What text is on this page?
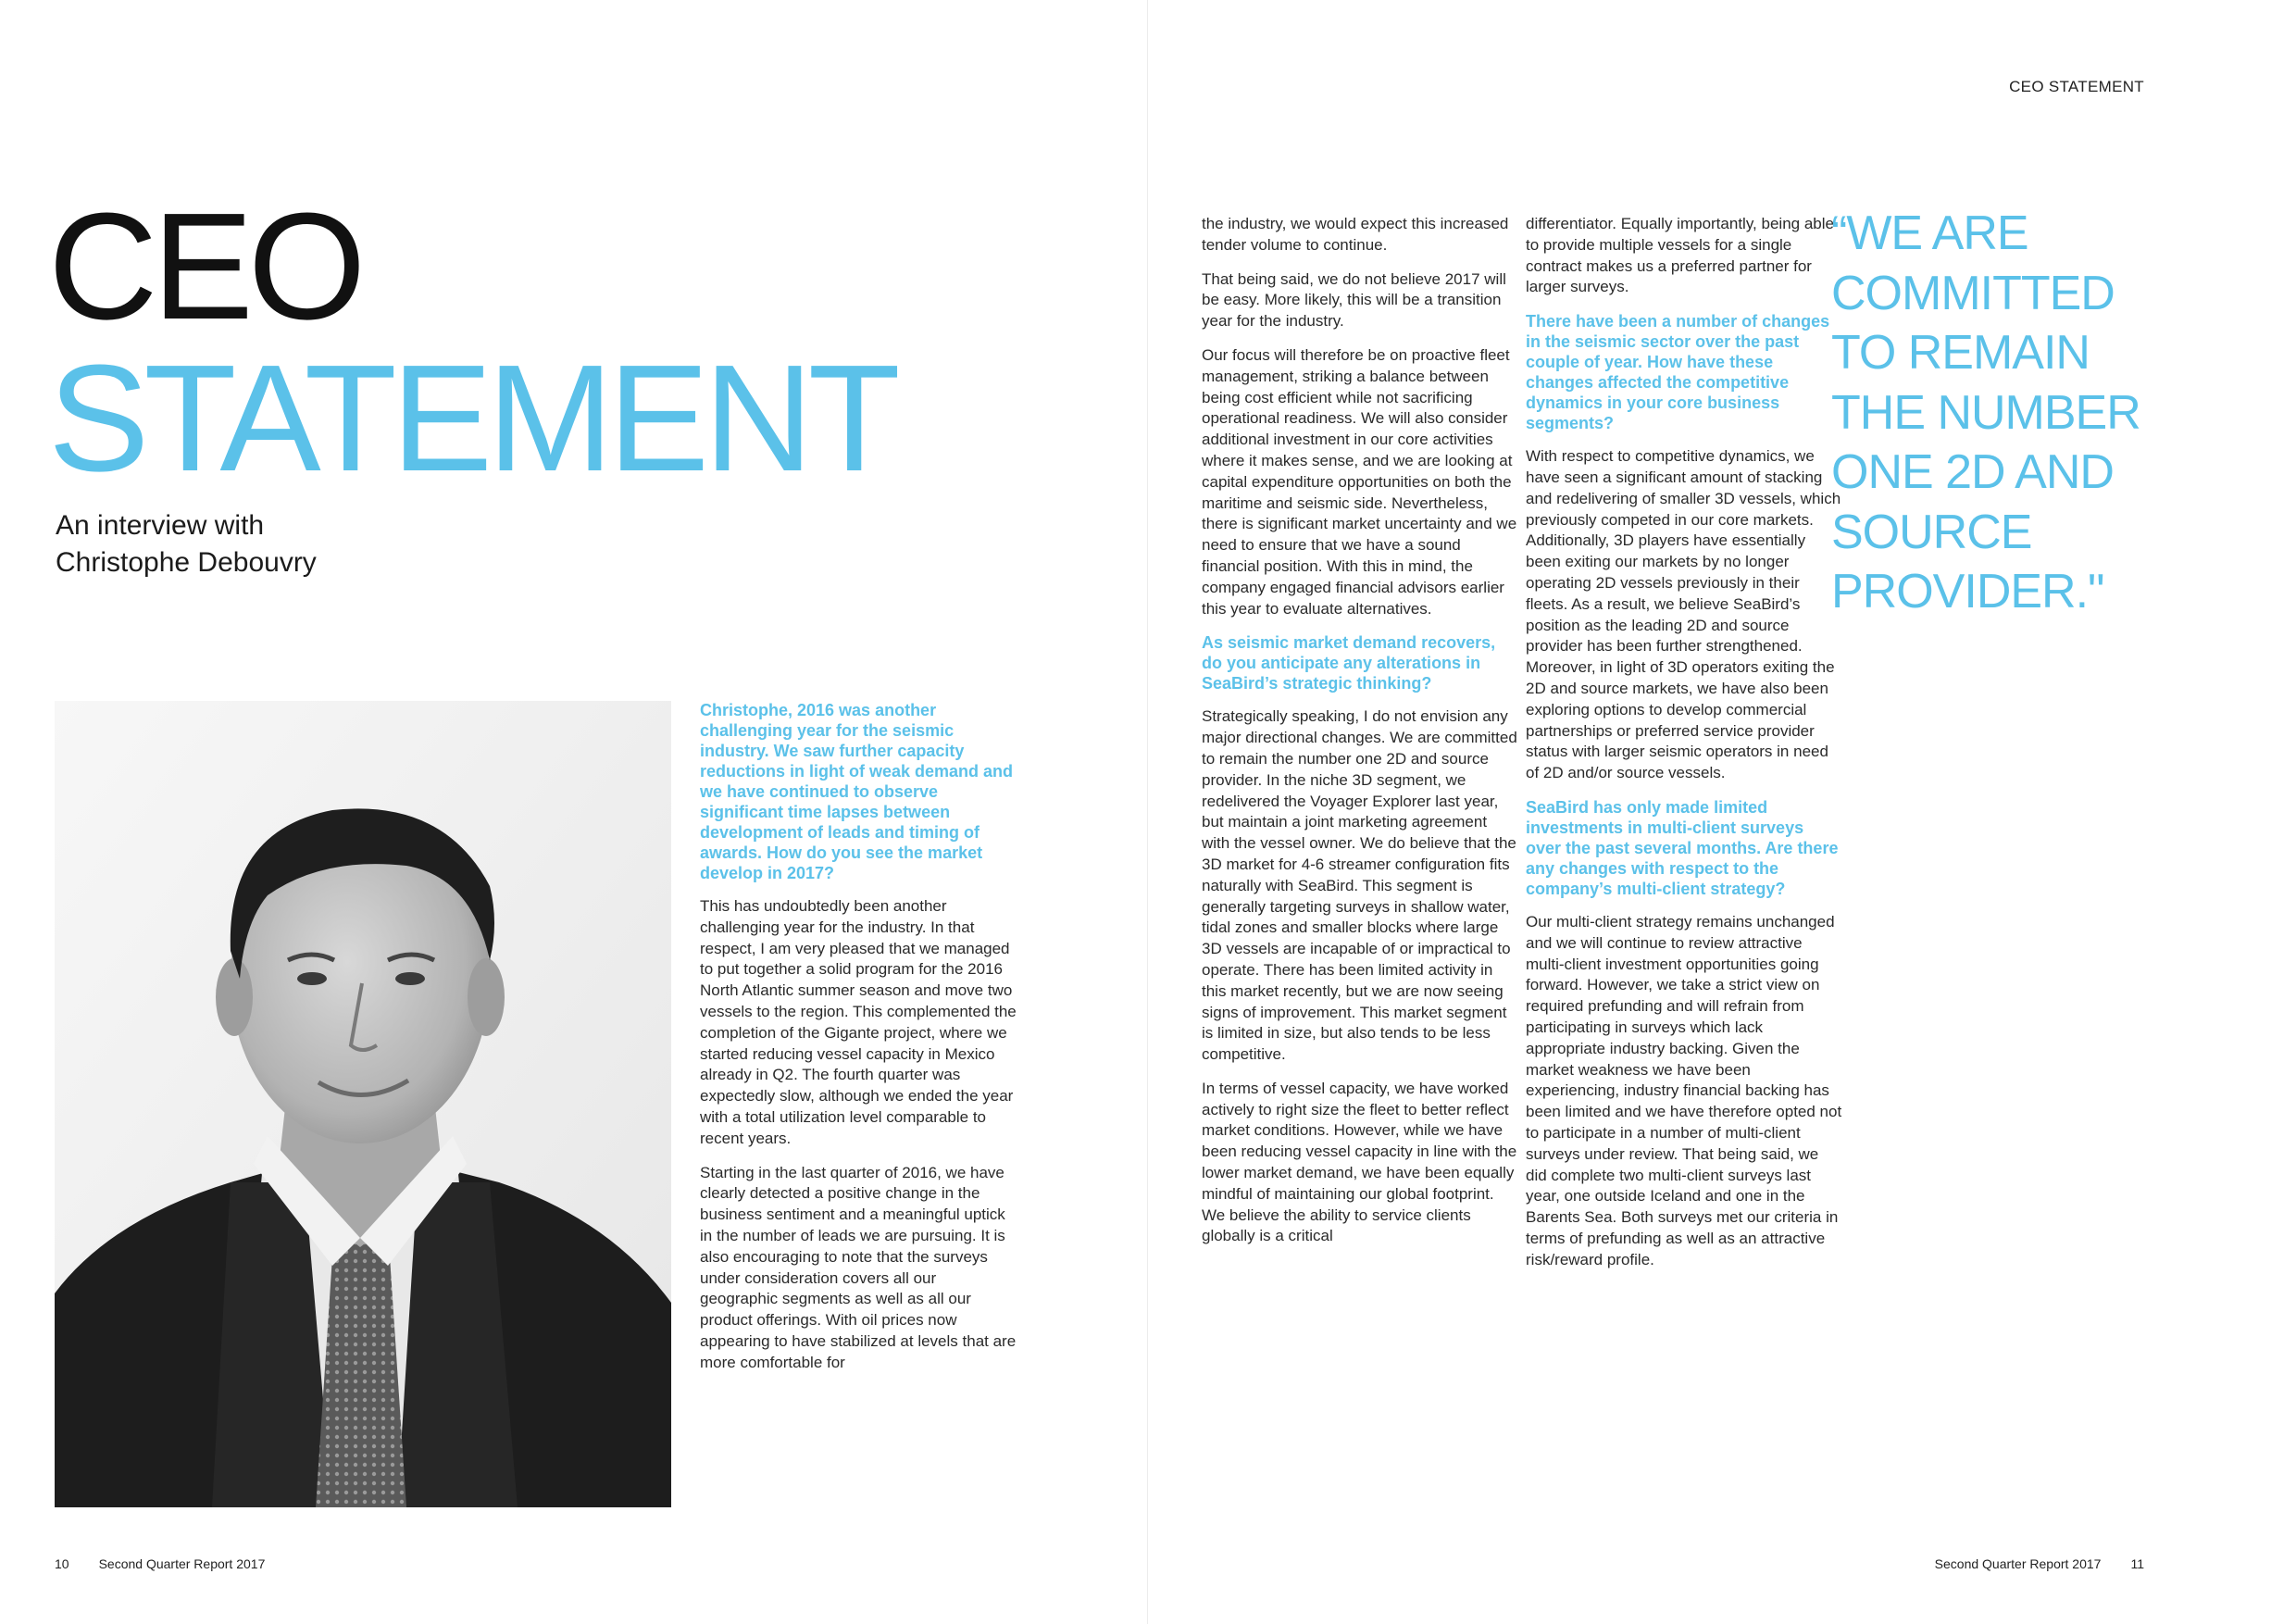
CEO STATEMENT
CEO
STATEMENT
An interview with
Christophe Debouvry
Christophe, 2016 was another challenging year for the seismic industry. We saw further capacity reductions in light of weak demand and we have continued to observe significant time lapses between development of leads and timing of awards. How do you see the market develop in 2017?

This has undoubtedly been another challenging year for the industry. In that respect, I am very pleased that we managed to put together a solid program for the 2016 North Atlantic summer season and move two vessels to the region. This complemented the completion of the Gigante project, where we started reducing vessel capacity in Mexico already in Q2. The fourth quarter was expectedly slow, although we ended the year with a total utilization level comparable to recent years.

Starting in the last quarter of 2016, we have clearly detected a positive change in the business sentiment and a meaningful uptick in the number of leads we are pursuing. It is also encouraging to note that the surveys under consideration covers all our geographic segments as well as all our product offerings. With oil prices now appearing to have stabilized at levels that are more comfortable for

the industry, we would expect this increased tender volume to continue.

That being said, we do not believe 2017 will be easy. More likely, this will be a transition year for the industry.

Our focus will therefore be on proactive fleet management, striking a balance between being cost efficient while not sacrificing operational readiness. We will also consider additional investment in our core activities where it makes sense, and we are looking at capital expenditure opportunities on both the maritime and seismic side. Nevertheless, there is significant market uncertainty and we need to ensure that we have a sound financial position. With this in mind, the company engaged financial advisors earlier this year to evaluate alternatives.

As seismic market demand recovers, do you anticipate any alterations in SeaBird’s strategic thinking?

Strategically speaking, I do not envision any major directional changes. We are committed to remain the number one 2D and source provider. In the niche 3D segment, we redelivered the Voyager Explorer last year, but maintain a joint marketing agreement with the vessel owner. We do believe that the 3D market for 4-6 streamer configuration fits naturally with SeaBird. This segment is generally targeting surveys in shallow water, tidal zones and smaller blocks where large 3D vessels are incapable of or impractical to operate. There has been limited activity in this market recently, but we are now seeing signs of improvement. This market segment is limited in size, but also tends to be less competitive.

In terms of vessel capacity, we have worked actively to right size the fleet to better reflect market conditions. However, while we have been reducing vessel capacity in line with the lower market demand, we have been equally mindful of maintaining our global footprint. We believe the ability to service clients globally is a critical

differentiator. Equally importantly, being able to provide multiple vessels for a single contract makes us a preferred partner for larger surveys.

There have been a number of changes in the seismic sector over the past couple of year. How have these changes affected the competitive dynamics in your core business segments?

With respect to competitive dynamics, we have seen a significant amount of stacking and redelivering of smaller 3D vessels, which previously competed in our core markets. Additionally, 3D players have essentially been exiting our markets by no longer operating 2D vessels previously in their fleets. As a result, we believe SeaBird’s position as the leading 2D and source provider has been further strengthened. Moreover, in light of 3D operators exiting the 2D and source markets, we have also been exploring options to develop commercial partnerships or preferred service provider status with larger seismic operators in need of 2D and/or source vessels.

SeaBird has only made limited investments in multi-client surveys over the past several months. Are there any changes with respect to the company’s multi-client strategy?

Our multi-client strategy remains unchanged and we will continue to review attractive multi-client investment opportunities going forward. However, we take a strict view on required prefunding and will refrain from participating in surveys which lack appropriate industry backing. Given the market weakness we have been experiencing, industry financial backing has been limited and we have therefore opted not to participate in a number of multi-client surveys under review. That being said, we did complete two multi-client surveys last year, one outside Iceland and one in the Barents Sea. Both surveys met our criteria in terms of prefunding as well as an attractive risk/reward profile.

“WE ARE COMMITTED TO REMAIN THE NUMBER ONE 2D AND SOURCE PROVIDER."
10 Second Quarter Report 2017	Second Quarter Report 2017 11
